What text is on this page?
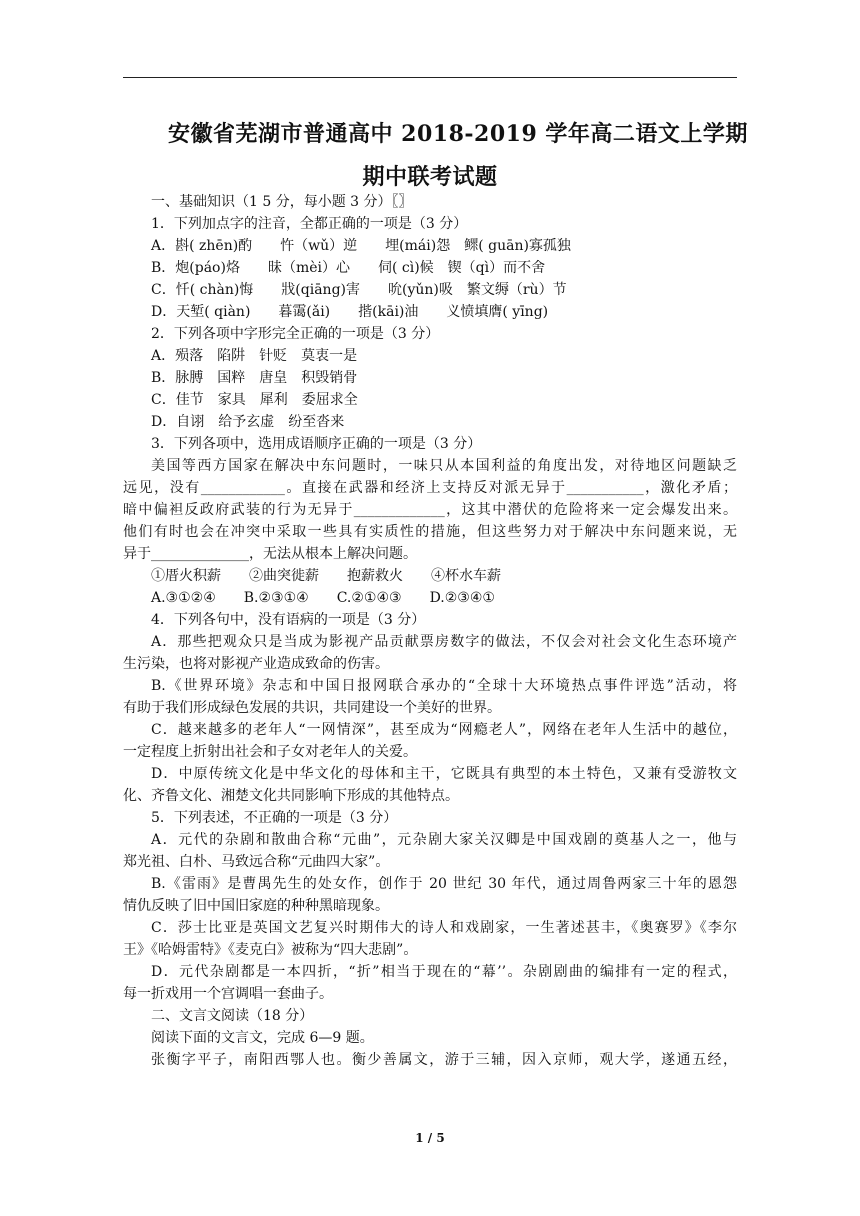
安徽省芜湖市普通高中 2018-2019 学年高二语文上学期
期中联考试题
一、基础知识（1 5 分，每小题 3 分）〖〗
1．下列加点字的注音，全都正确的一项是（3 分）
A．斟( zhēn)酌　　忤（wǔ）逆　　埋(mái)怨　鳏( guān)寡孤独
B．炮(páo)烙　　昧（mèi）心　　伺( cì)候　锲（qì）而不舍
C．忏( chàn)悔　　戕(qiāng)害　　吮(yǔn)吸　繁文缛（rù）节
D．天堑( qiàn)　　暮霭(ǎi)　　揩(kāi)油　　义愤填膺( yīng)
2．下列各项中字形完全正确的一项是（3 分）
A．殒落　陷阱　针贬　莫衷一是
B．脉膊　国粹　唐皇　积毁销骨
C．佳节　家具　犀利　委屈求全
D．自诩　给予玄虚　纷至沓来
3．下列各项中，选用成语顺序正确的一项是（3 分）
美国等西方国家在解决中东问题时，一味只从本国利益的角度出发，对待地区问题缺乏
远见，没有____________。直接在武器和经济上支持反对派无异于___________，激化矛盾；
暗中偏袒反政府武装的行为无异于_____________，这其中潜伏的危险将来一定会爆发出来。
他们有时也会在冲突中采取一些具有实质性的措施，但这些努力对于解决中东问题来说，无
异于______________，无法从根本上解决问题。
①厝火积薪　　②曲突徙薪　　抱薪救火　　④杯水车薪
A.③①②④　　B.②③①④　　C.②①④③　　D.②③④①
4．下列各句中，没有语病的一项是（3 分）
A．那些把观众只是当成为影视产品贡献票房数字的做法，不仅会对社会文化生态环境产
生污染，也将对影视产业造成致命的伤害。
B.《世界环境》杂志和中国日报网联合承办的“全球十大环境热点事件评选”活动，将
有助于我们形成绿色发展的共识，共同建设一个美好的世界。
C．越来越多的老年人“一网情深”，甚至成为“网瘾老人”，网络在老年人生活中的越位，
一定程度上折射出社会和子女对老年人的关爱。
D．中原传统文化是中华文化的母体和主干，它既具有典型的本土特色，又兼有受游牧文
化、齐鲁文化、湘楚文化共同影响下形成的其他特点。
5．下列表述，不正确的一项是（3 分）
A．元代的杂剧和散曲合称“元曲”，元杂剧大家关汉卿是中国戏剧的奠基人之一，他与
郑光祖、白朴、马致远合称“元曲四大家”。
B.《雷雨》是曹禺先生的处女作，创作于 20 世纪 30 年代，通过周鲁两家三十年的恩怨
情仇反映了旧中国旧家庭的种种黑暗现象。
C．莎士比亚是英国文艺复兴时期伟大的诗人和戏剧家，一生著述甚丰，《奥赛罗》《李尔
王》《哈姆雷特》《麦克白》被称为“四大悲剧”。
D．元代杂剧都是一本四折，“折”相当于现在的“幕’’。杂剧剧曲的编排有一定的程式，
每一折戏用一个宫调唱一套曲子。
二、文言文阅读（18 分）
阅读下面的文言文，完成 6—9 题。
张衡字平子，南阳西鄂人也。衡少善属文，游于三辅，因入京师，观大学，遂通五经，
1 / 5
